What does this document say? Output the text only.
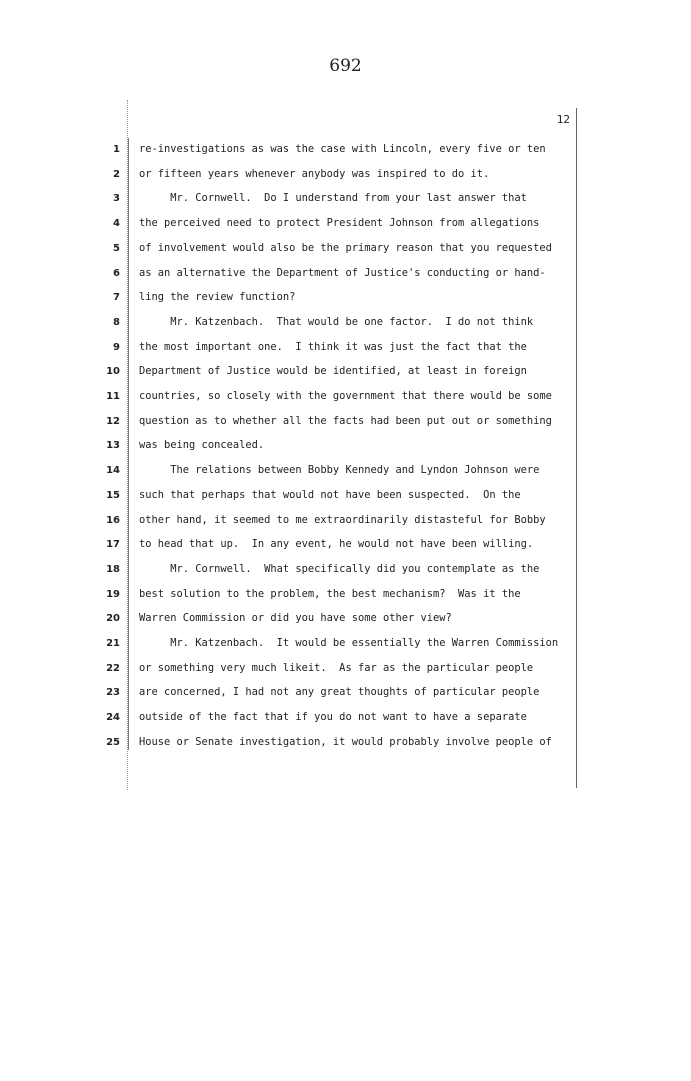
692
12
1 re-investigations as was the case with Lincoln, every five or ten
2 or fifteen years whenever anybody was inspired to do it.
3 Mr. Cornwell.  Do I understand from your last answer that
4 the perceived need to protect President Johnson from allegations
5 of involvement would also be the primary reason that you requested
6 as an alternative the Department of Justice's conducting or hand-
7 ling the review function?
8 Mr. Katzenbach.  That would be one factor.  I do not think
9 the most important one.  I think it was just the fact that the
10 Department of Justice would be identified, at least in foreign
11 countries, so closely with the government that there would be some
12 question as to whether all the facts had been put out or something
13 was being concealed.
14 The relations between Bobby Kennedy and Lyndon Johnson were
15 such that perhaps that would not have been suspected.  On the
16 other hand, it seemed to me extraordinarily distasteful for Bobby
17 to head that up.  In any event, he would not have been willing.
18 Mr. Cornwell.  What specifically did you contemplate as the
19 best solution to the problem, the best mechanism?  Was it the
20 Warren Commission or did you have some other view?
21 Mr. Katzenbach.  It would be essentially the Warren Commission
22 or something very much likeit.  As far as the particular people
23 are concerned, I had not any great thoughts of particular people
24 outside of the fact that if you do not want to have a separate
25 House or Senate investigation, it would probably involve people of
